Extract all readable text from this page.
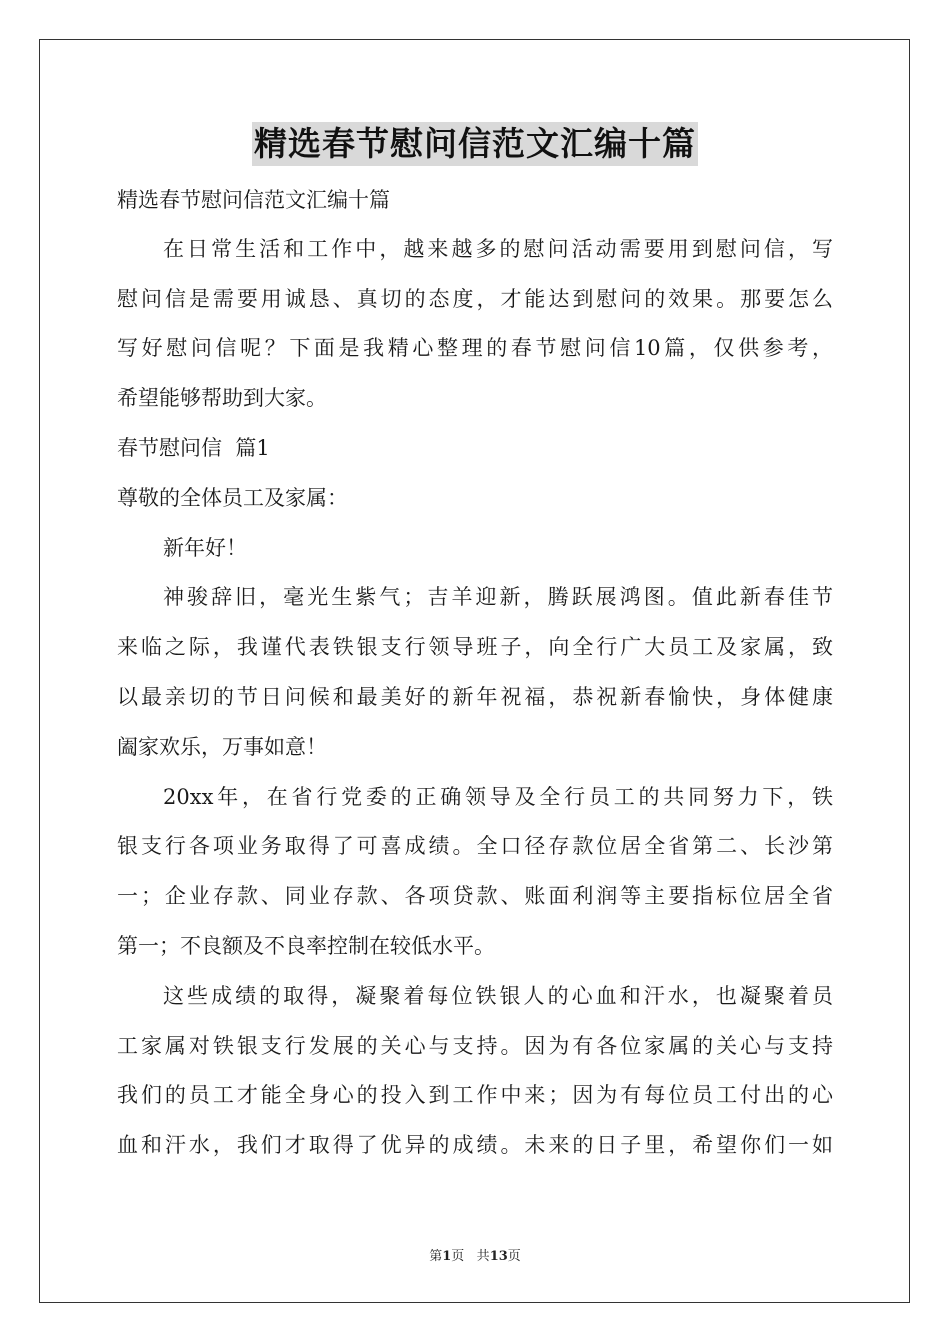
精选春节慰问信范文汇编十篇
精选春节慰问信范文汇编十篇
在日常生活和工作中，越来越多的慰问活动需要用到慰问信，写
慰问信是需要用诚恳、真切的态度，才能达到慰问的效果。那要怎么
写好慰问信呢？下面是我精心整理的春节慰问信10篇，仅供参考，
希望能够帮助到大家。
春节慰问信  篇1
尊敬的全体员工及家属：
新年好！
神骏辞旧，毫光生紫气；吉羊迎新，腾跃展鸿图。值此新春佳节
来临之际，我谨代表铁银支行领导班子，向全行广大员工及家属，致
以最亲切的节日问候和最美好的新年祝福，恭祝新春愉快，身体健康
阖家欢乐，万事如意！
20xx年，在省行党委的正确领导及全行员工的共同努力下，铁
银支行各项业务取得了可喜成绩。全口径存款位居全省第二、长沙第
一；企业存款、同业存款、各项贷款、账面利润等主要指标位居全省
第一；不良额及不良率控制在较低水平。
这些成绩的取得，凝聚着每位铁银人的心血和汗水，也凝聚着员
工家属对铁银支行发展的关心与支持。因为有各位家属的关心与支持
我们的员工才能全身心的投入到工作中来；因为有每位员工付出的心
血和汗水，我们才取得了优异的成绩。未来的日子里，希望你们一如
第1页 共13页
